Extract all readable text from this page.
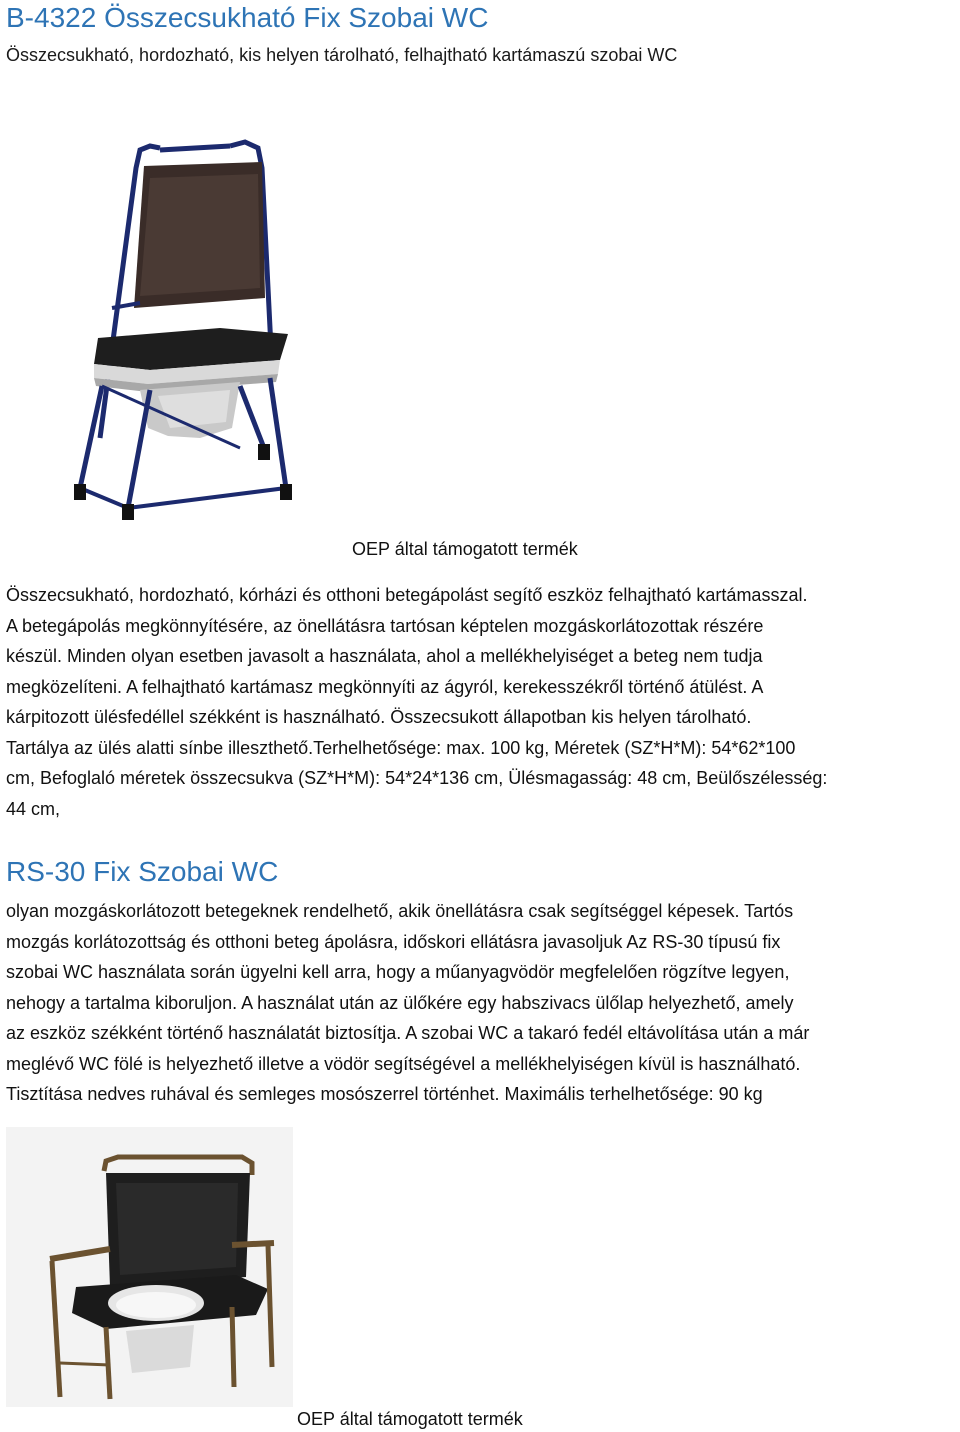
B-4322 Összecsukható Fix Szobai WC
Összecsukható, hordozható, kis helyen tárolható, felhajtható kartámaszú szobai WC
OEP által támogatott termék
Összecsukható, hordozható, kórházi és otthoni betegápolást segítő eszköz felhajtható kartámasszal.
A betegápolás megkönnyítésére, az önellátásra tartósan képtelen mozgáskorlátozottak részére
készül. Minden olyan esetben javasolt a használata, ahol a mellékhelyiséget a beteg nem tudja
megközelíteni. A felhajtható kartámasz megkönnyíti az ágyról, kerekesszékről történő átülést. A
kárpitozott ülésfedéllel székként is használható. Összecsukott állapotban kis helyen tárolható.
Tartálya az ülés alatti sínbe illeszthető.Terhelhetősége: max. 100 kg, Méretek (SZ*H*M): 54*62*100
cm, Befoglaló méretek összecsukva (SZ*H*M): 54*24*136 cm, Ülésmagasság: 48 cm, Beülőszélesség:
44 cm,
RS-30 Fix Szobai WC
olyan mozgáskorlátozott betegeknek rendelhető, akik önellátásra csak segítséggel képesek. Tartós
mozgás korlátozottság és otthoni beteg ápolásra, időskori ellátásra javasoljuk Az RS-30 típusú fix
szobai WC használata során ügyelni kell arra, hogy a műanyagvödör megfelelően rögzítve legyen,
nehogy a tartalma kiboruljon. A használat után az ülőkére egy habszivacs ülőlap helyezhető, amely
az eszköz székként történő használatát biztosítja. A szobai WC a takaró fedél eltávolítása után a már
meglévő WC fölé is helyezhető illetve a vödör segítségével a mellékhelyiségen kívül is használható.
Tisztítása nedves ruhával és semleges mosószerrel történhet. Maximális terhelhetősége: 90 kg
OEP által támogatott termék
